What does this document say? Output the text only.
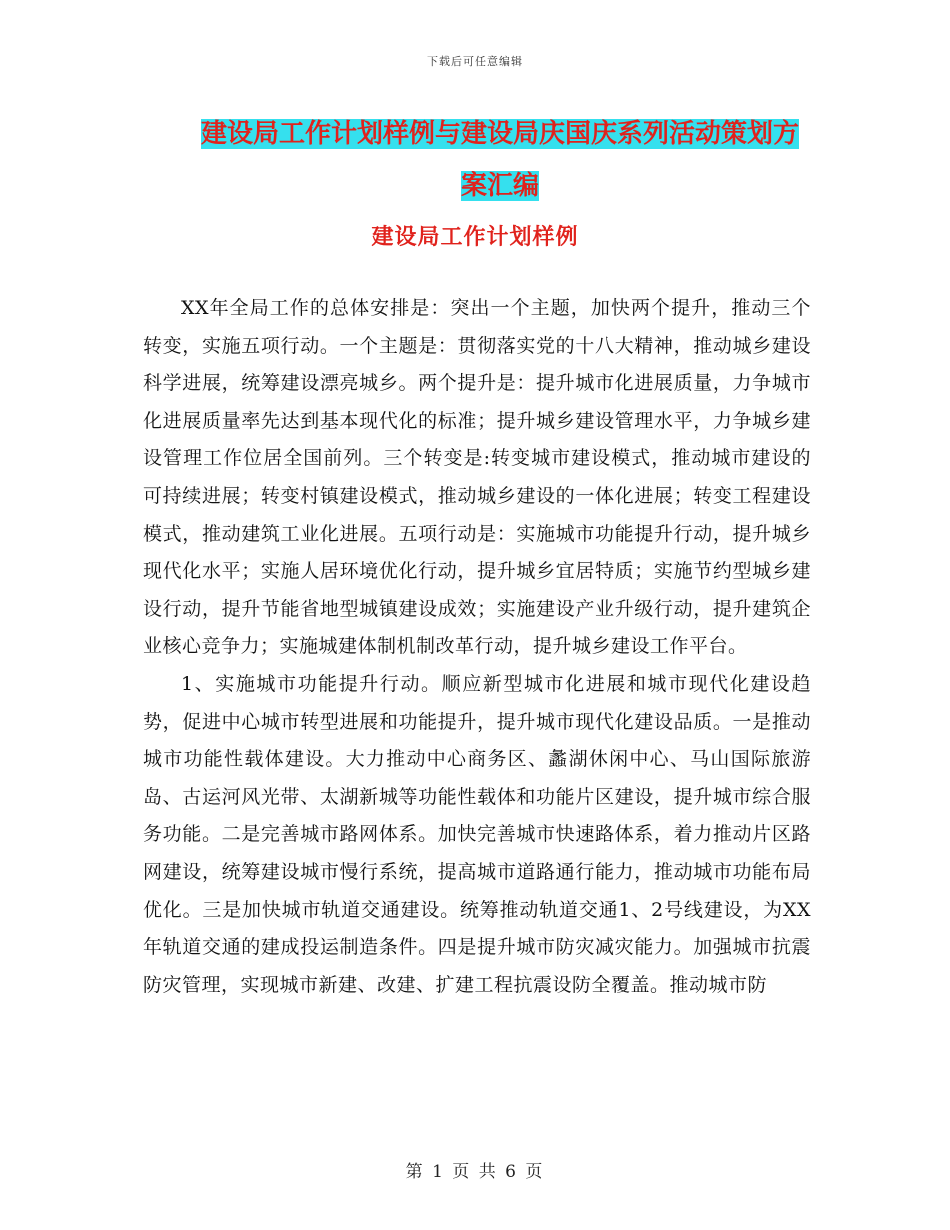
下载后可任意编辑
建设局工作计划样例与建设局庆国庆系列活动策划方案汇编
建设局工作计划样例

XX年全局工作的总体安排是：突出一个主题，加快两个提升，推动三个转变，实施五项行动。一个主题是：贯彻落实党的十八大精神，推动城乡建设科学进展，统筹建设漂亮城乡。两个提升是：提升城市化进展质量，力争城市化进展质量率先达到基本现代化的标准；提升城乡建设管理水平，力争城乡建设管理工作位居全国前列。三个转变是:转变城市建设模式，推动城市建设的可持续进展；转变村镇建设模式，推动城乡建设的一体化进展；转变工程建设模式，推动建筑工业化进展。五项行动是：实施城市功能提升行动，提升城乡现代化水平；实施人居环境优化行动，提升城乡宜居特质；实施节约型城乡建设行动，提升节能省地型城镇建设成效；实施建设产业升级行动，提升建筑企业核心竞争力；实施城建体制机制改革行动，提升城乡建设工作平台。

1、实施城市功能提升行动。顺应新型城市化进展和城市现代化建设趋势，促进中心城市转型进展和功能提升，提升城市现代化建设品质。一是推动城市功能性载体建设。大力推动中心商务区、蠡湖休闲中心、马山国际旅游岛、古运河风光带、太湖新城等功能性载体和功能片区建设，提升城市综合服务功能。二是完善城市路网体系。加快完善城市快速路体系，着力推动片区路网建设，统筹建设城市慢行系统，提高城市道路通行能力，推动城市功能布局优化。三是加快城市轨道交通建设。统筹推动轨道交通1、2号线建设，为XX年轨道交通的建成投运制造条件。四是提升城市防灾减灾能力。加强城市抗震防灾管理，实现城市新建、改建、扩建工程抗震设防全覆盖。推动城市防

第 1 页 共 6 页
